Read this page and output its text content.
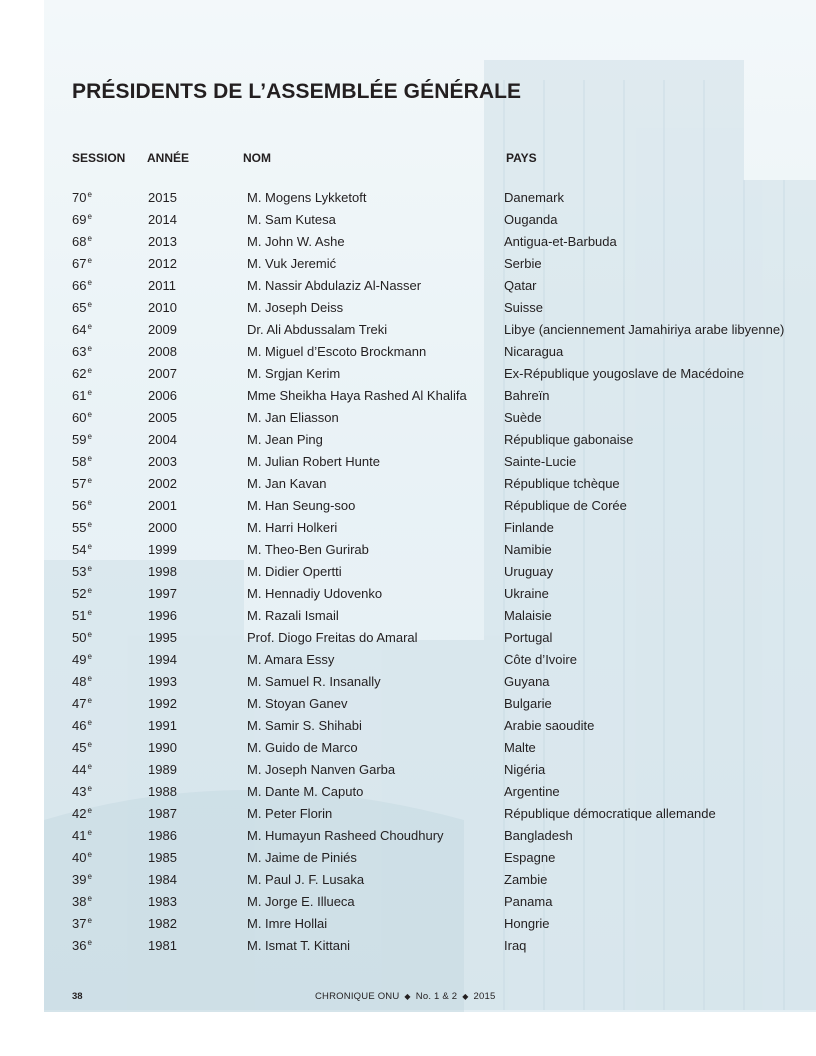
PRÉSIDENTS DE L’ASSEMBLÉE GÉNÉRALE
SESSION ANNÉE	NOM	PAYS
70e	2015	M. Mogens Lykketoft	Danemark
69e	2014	M. Sam Kutesa	Ouganda
68e	2013	M. John W. Ashe	Antigua-et-Barbuda
67e	2012	M. Vuk Jeremić	Serbie
66e	2011	M. Nassir Abdulaziz Al-Nasser	Qatar
65e	2010	M. Joseph Deiss	Suisse
64e	2009	Dr. Ali Abdussalam Treki	Libye (anciennement Jamahiriya arabe libyenne)
63e	2008	M. Miguel d’Escoto Brockmann	Nicaragua
62e	2007	M. Srgjan Kerim	Ex-République yougoslave de Macédoine
61e	2006	Mme Sheikha Haya Rashed Al Khalifa	Bahreïn
60e	2005	M. Jan Eliasson	Suède
59e	2004	M. Jean Ping	République gabonaise
58e	2003	M. Julian Robert Hunte	Sainte-Lucie
57e	2002	M. Jan Kavan	République tchèque
56e	2001	M. Han Seung-soo	République de Corée
55e	2000	M. Harri Holkeri	Finlande
54e	1999	M. Theo-Ben Gurirab	Namibie
53e	1998	M. Didier Opertti	Uruguay
52e	1997	M. Hennadiy Udovenko	Ukraine
51e	1996	M. Razali Ismail	Malaisie
50e	1995	Prof. Diogo Freitas do Amaral	Portugal
49e	1994	M. Amara Essy	Côte d’Ivoire
48e	1993	M. Samuel R. Insanally	Guyana
47e	1992	M. Stoyan Ganev	Bulgarie
46e	1991	M. Samir S. Shihabi	Arabie saoudite
45e	1990	M. Guido de Marco	Malte
44e	1989	M. Joseph Nanven Garba	Nigéria
43e	1988	M. Dante M. Caputo	Argentine
42e	1987	M. Peter Florin	République démocratique allemande
41e	1986	M. Humayun Rasheed Choudhury	Bangladesh
40e	1985	M. Jaime de Piniés	Espagne
39e	1984	M. Paul J. F. Lusaka	Zambie
38e	1983	M. Jorge E. Illueca	Panama
37e	1982	M. Imre Hollai	Hongrie
36e	1981	M. Ismat T. Kittani	Iraq
38	CHRONIQUE ONU ◆ No. 1 & 2 ◆ 2015
